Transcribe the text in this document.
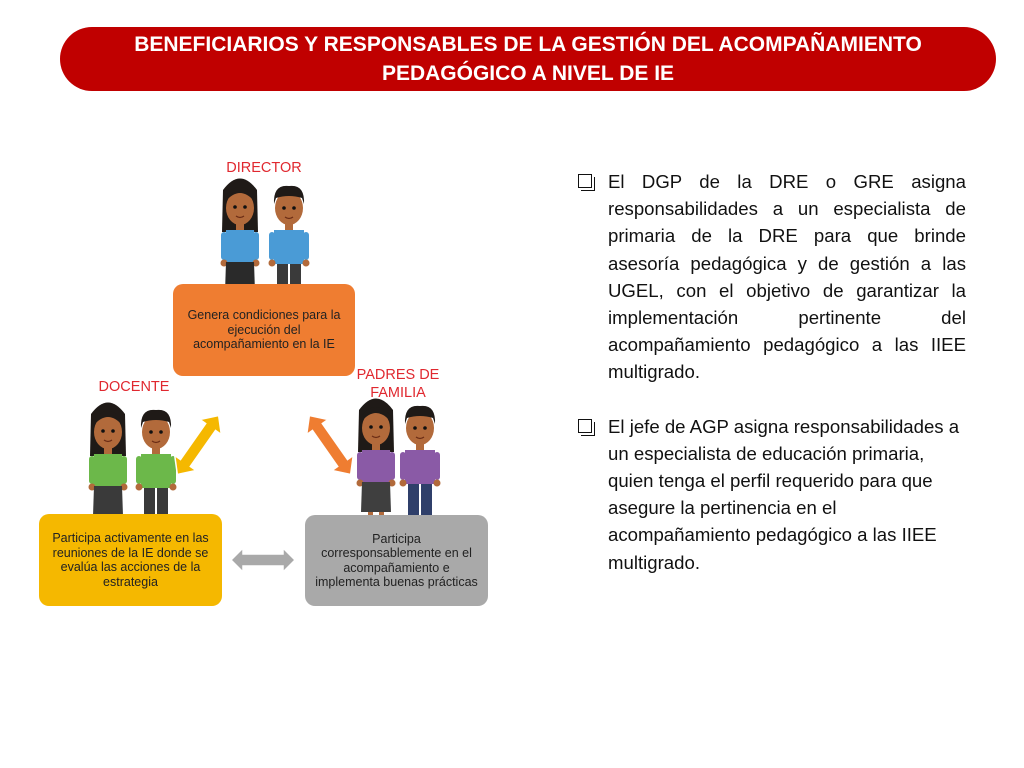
BENEFICIARIOS Y RESPONSABLES DE LA GESTIÓN DEL ACOMPAÑAMIENTO
PEDAGÓGICO A NIVEL DE IE
DIRECTOR
DOCENTE
PADRES DE
FAMILIA
Genera condiciones para la ejecución del acompañamiento en la IE
Participa activamente en las reuniones de la IE donde se evalúa las acciones de la estrategia
Participa corresponsablemente en el acompañamiento e implementa buenas prácticas
El DGP de la DRE o GRE asigna responsabilidades a un especialista de primaria de la DRE para que brinde asesoría pedagógica y de gestión a las UGEL, con el objetivo de garantizar la implementación pertinente del acompañamiento pedagógico a las IIEE multigrado.
El jefe de AGP asigna responsabilidades a un especialista de educación primaria, quien tenga el perfil requerido para que asegure la pertinencia en el acompañamiento pedagógico a las IIEE multigrado.
